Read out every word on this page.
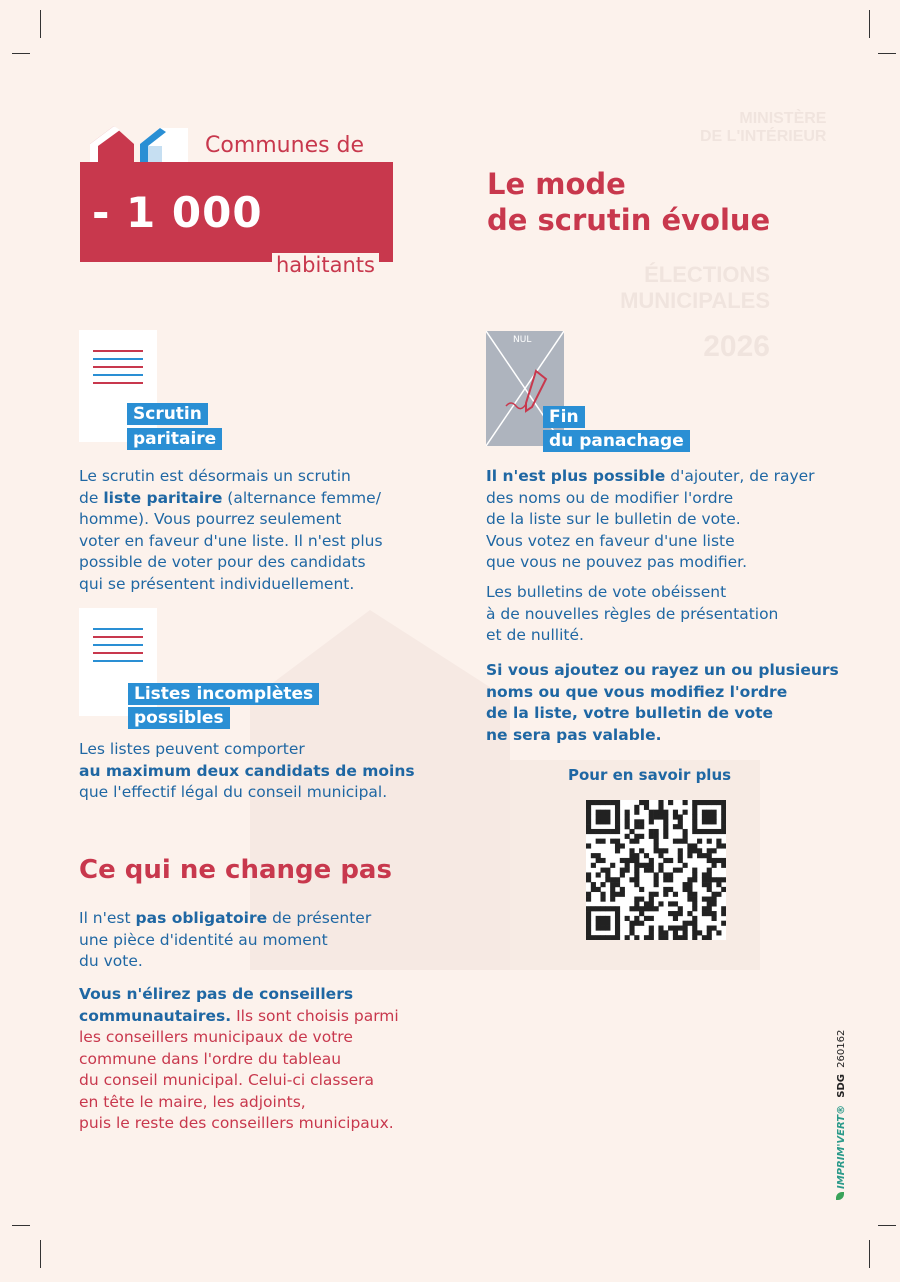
MINISTÈRE
DE L'INTÉRIEUR
ÉLECTIONS
MUNICIPALES
2026
Communes de
- 1 000
habitants
Le mode
de scrutin évolue
Scrutin
paritaire
Le scrutin est désormais un scrutin
de liste paritaire (alternance femme/
homme). Vous pourrez seulement
voter en faveur d'une liste. Il n'est plus
possible de voter pour des candidats
qui se présentent individuellement.
Listes incomplètes
possibles
Les listes peuvent comporter
au maximum deux candidats de moins
que l'effectif légal du conseil municipal.
NUL
Fin
du panachage
Il n'est plus possible d'ajouter, de rayer
des noms ou de modifier l'ordre
de la liste sur le bulletin de vote.
Vous votez en faveur d'une liste
que vous ne pouvez pas modifier.
Les bulletins de vote obéissent
à de nouvelles règles de présentation
et de nullité.
Si vous ajoutez ou rayez un ou plusieurs
noms ou que vous modifiez l'ordre
de la liste, votre bulletin de vote
ne sera pas valable.
Pour en savoir plus
Ce qui ne change pas
Il n'est pas obligatoire de présenter
une pièce d'identité au moment
du vote.
Vous n'élirez pas de conseillers
communautaires. Ils sont choisis parmi
les conseillers municipaux de votre
commune dans l'ordre du tableau
du conseil municipal. Celui-ci classera
en tête le maire, les adjoints,
puis le reste des conseillers municipaux.	IMPRIM'VERT® SDG 260162
